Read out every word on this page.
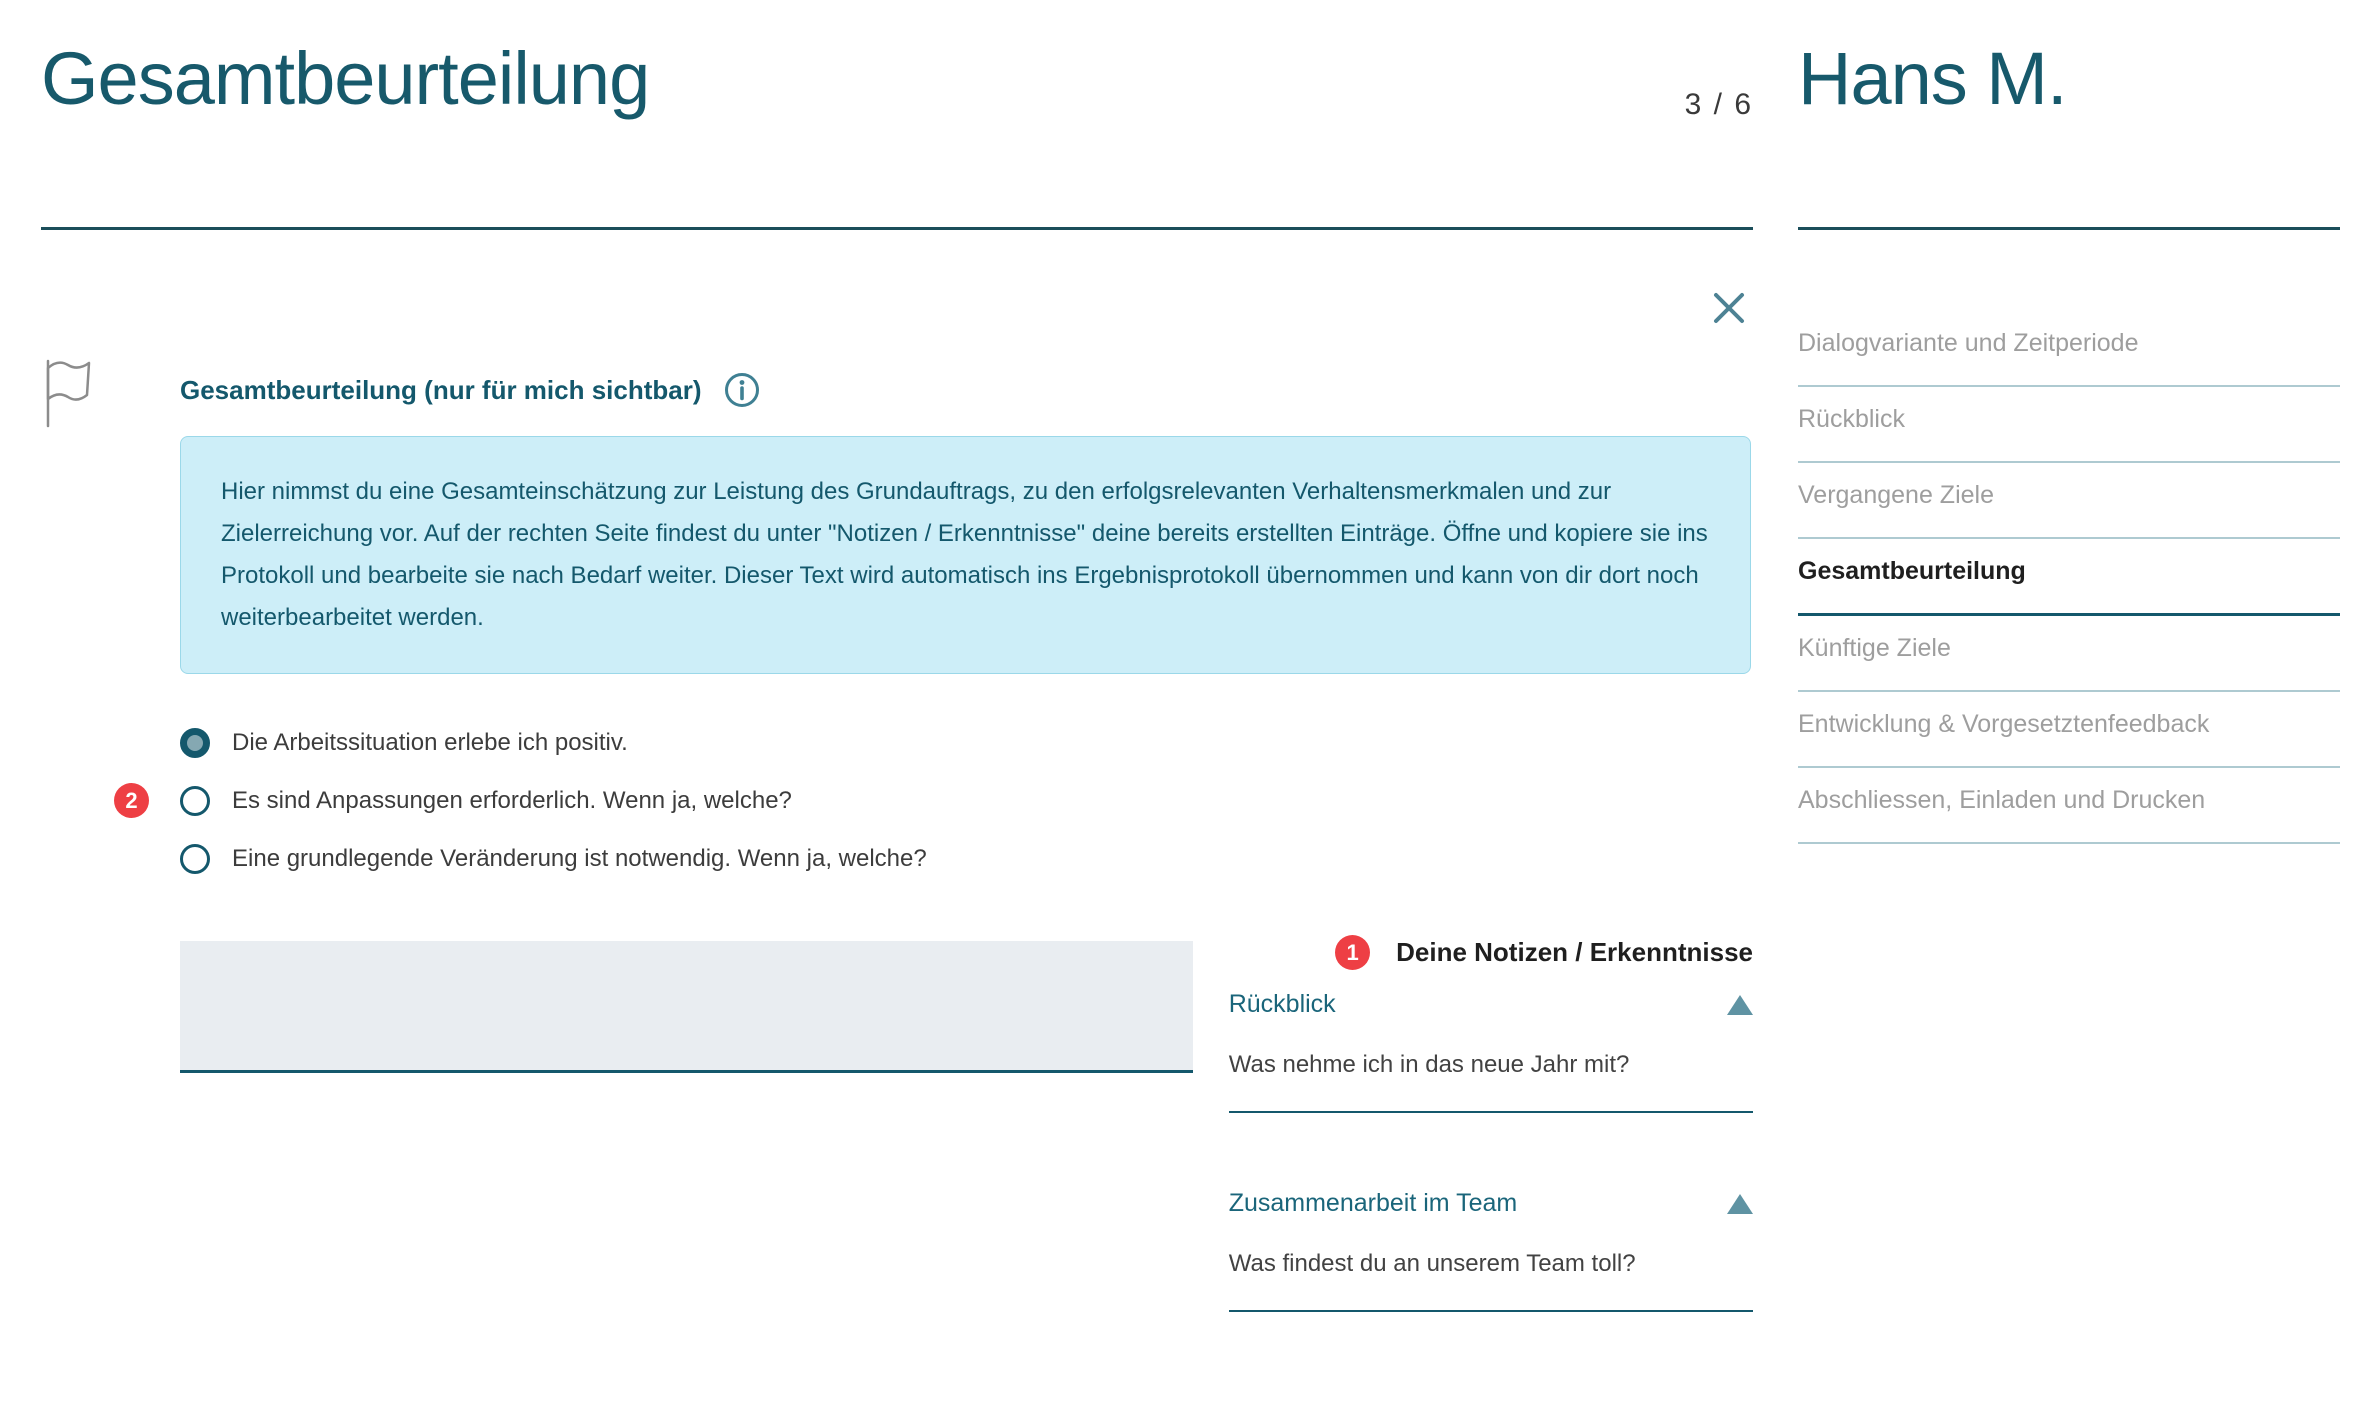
Gesamtbeurteilung	3 / 6
Gesamtbeurteilung (nur für mich sichtbar)
Hier nimmst du eine Gesamteinschätzung zur Leistung des Grundauftrags, zu den erfolgsrelevanten Verhaltensmerkmalen und zur Zielerreichung vor. Auf der rechten Seite findest du unter "Notizen / Erkenntnisse" deine bereits erstellten Einträge. Öffne und kopiere sie ins Protokoll und bearbeite sie nach Bedarf weiter. Dieser Text wird automatisch ins Ergebnisprotokoll übernommen und kann von dir dort noch weiterbearbeitet werden.
Die Arbeitssituation erlebe ich positiv.
2	Es sind Anpassungen erforderlich. Wenn ja, welche?
Eine grundlegende Veränderung ist notwendig. Wenn ja, welche?
1	Deine Notizen / Erkenntnisse
Rückblick
Was nehme ich in das neue Jahr mit?
Zusammenarbeit im Team
Was findest du an unserem Team toll?
Hans M.
Dialogvariante und Zeitperiode
Rückblick
Vergangene Ziele
Gesamtbeurteilung
Künftige Ziele
Entwicklung & Vorgesetztenfeedback
Abschliessen, Einladen und Drucken
